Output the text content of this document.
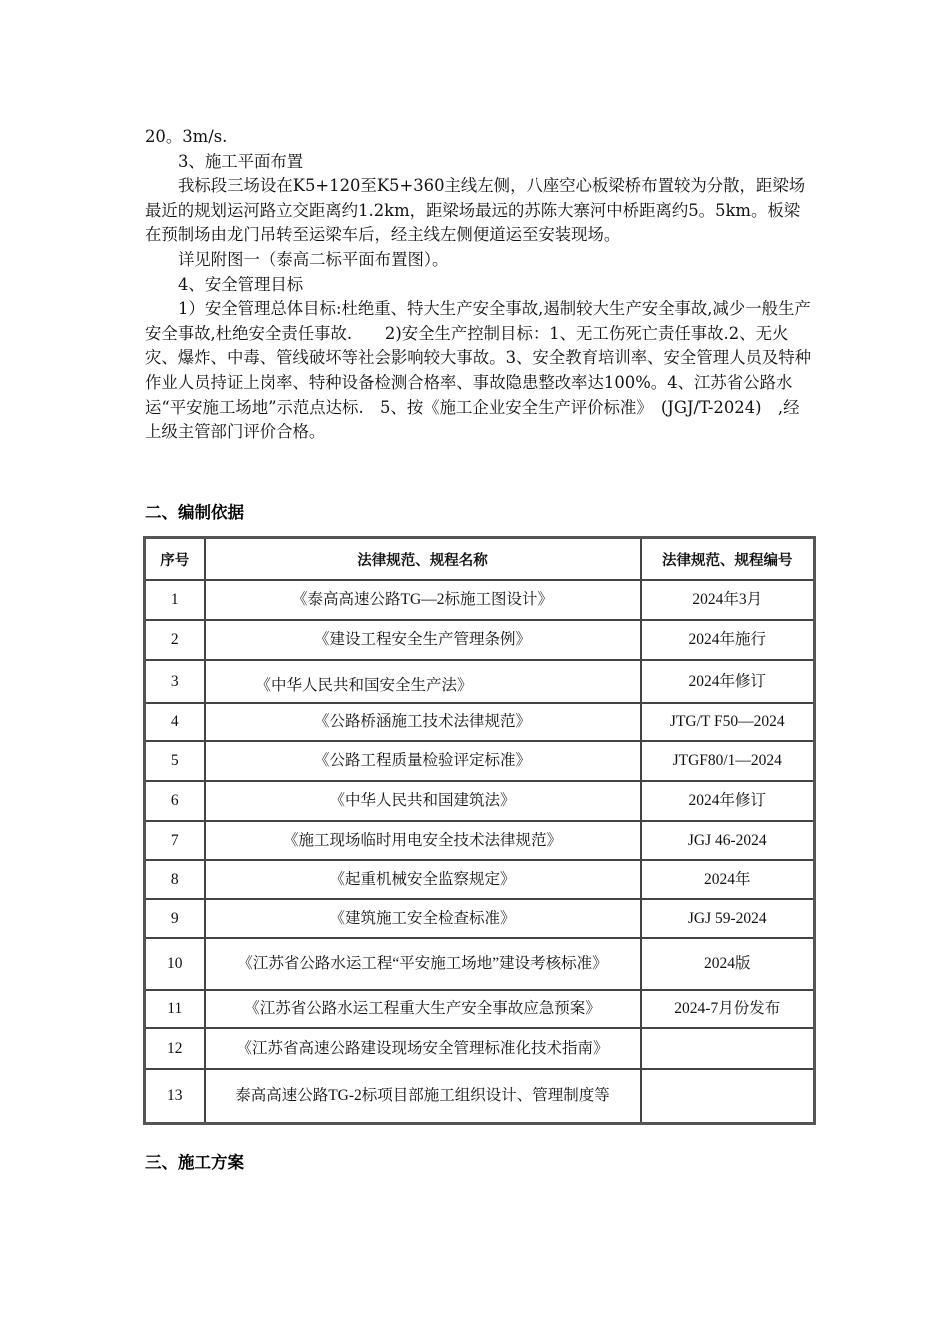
20。3m/s.

3、施工平面布置

我标段三场设在K5+120至K5+360主线左侧，八座空心板梁桥布置较为分散，距梁场最近的规划运河路立交距离约1.2km，距梁场最远的苏陈大寨河中桥距离约5。5km。板梁在预制场由龙门吊转至运梁车后，经主线左侧便道运至安装现场。

详见附图一（泰高二标平面布置图）。

4、安全管理目标

1）安全管理总体目标:杜绝重、特大生产安全事故,遏制较大生产安全事故,减少一般生产安全事故,杜绝安全责任事故.　　2)安全生产控制目标：1、无工伤死亡责任事故.2、无火灾、爆炸、中毒、管线破坏等社会影响较大事故。3、安全教育培训率、安全管理人员及特种作业人员持证上岗率、特种设备检测合格率、事故隐患整改率达100%。4、江苏省公路水运“平安施工场地”示范点达标.　5、按《施工企业安全生产评价标准》　(JGJ/T-2024)　,经上级主管部门评价合格。

二、编制依据
序号	法律规范、规程名称	法律规范、规程编号
1	《泰高高速公路TG—2标施工图设计》	2024年3月
2	《建设工程安全生产管理条例》	2024年施行
3	《中华人民共和国安全生产法》	2024年修订
4	《公路桥涵施工技术法律规范》	JTG/T F50—2024
5	《公路工程质量检验评定标准》	JTGF80/1—2024
6	《中华人民共和国建筑法》	2024年修订
7	《施工现场临时用电安全技术法律规范》	JGJ 46-2024
8	《起重机械安全监察规定》	2024年
9	《建筑施工安全检查标准》	JGJ 59-2024
10	《江苏省公路水运工程“平安施工场地”建设考核标准》	2024版
11	《江苏省公路水运工程重大生产安全事故应急预案》	2024-7月份发布
12	《江苏省高速公路建设现场安全管理标准化技术指南》	
13	泰高高速公路TG-2标项目部施工组织设计、管理制度等	
三、施工方案
